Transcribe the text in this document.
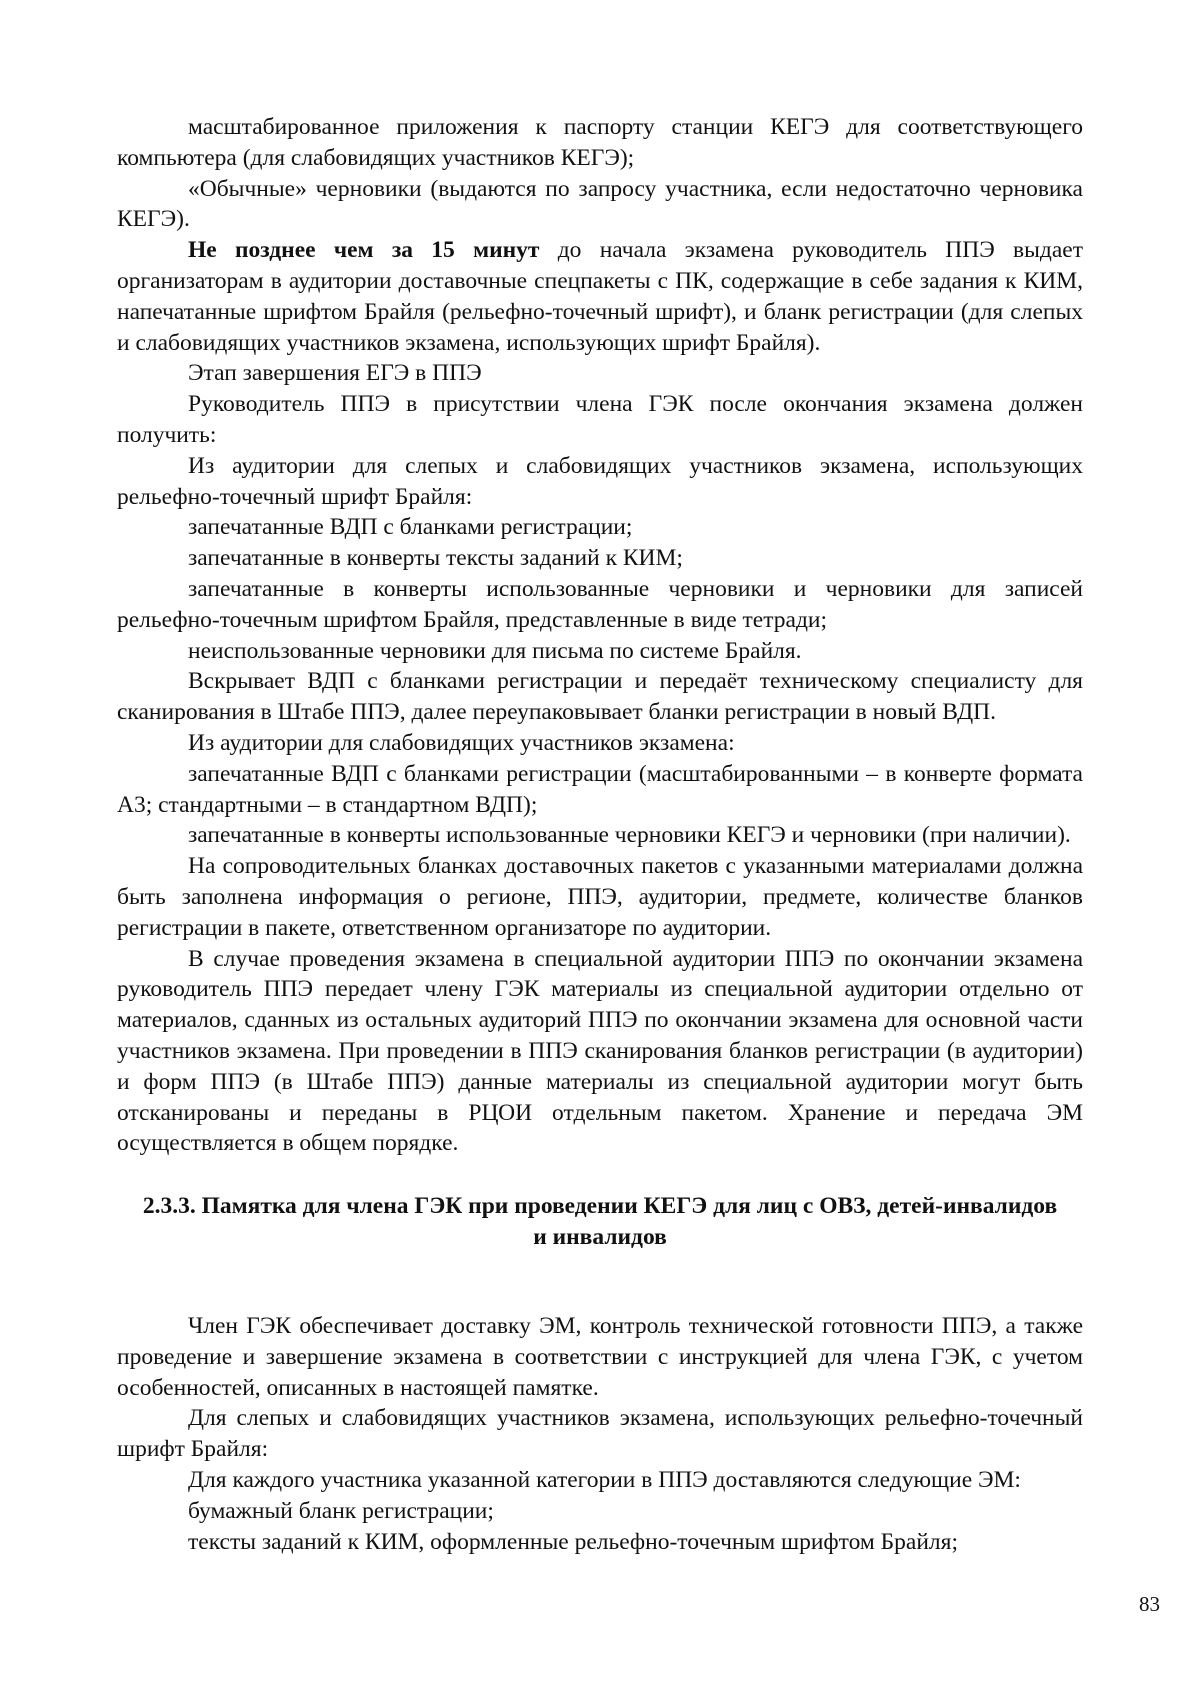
масштабированное приложения к паспорту станции КЕГЭ для соответствующего компьютера (для слабовидящих участников КЕГЭ);

«Обычные» черновики (выдаются по запросу участника, если недостаточно черновика КЕГЭ).

Не позднее чем за 15 минут до начала экзамена руководитель ППЭ выдает организаторам в аудитории доставочные спецпакеты с ПК, содержащие в себе задания к КИМ, напечатанные шрифтом Брайля (рельефно-точечный шрифт), и бланк регистрации (для слепых и слабовидящих участников экзамена, использующих шрифт Брайля).

Этап завершения ЕГЭ в ППЭ

Руководитель ППЭ в присутствии члена ГЭК после окончания экзамена должен получить:

Из аудитории для слепых и слабовидящих участников экзамена, использующих рельефно-точечный шрифт Брайля:

запечатанные ВДП с бланками регистрации;

запечатанные в конверты тексты заданий к КИМ;

запечатанные в конверты использованные черновики и черновики для записей рельефно-точечным шрифтом Брайля, представленные в виде тетради;

неиспользованные черновики для письма по системе Брайля.

Вскрывает ВДП с бланками регистрации и передаёт техническому специалисту для сканирования в Штабе ППЭ, далее переупаковывает бланки регистрации в новый ВДП.

Из аудитории для слабовидящих участников экзамена:

запечатанные ВДП с бланками регистрации (масштабированными – в конверте формата А3; стандартными – в стандартном ВДП);

запечатанные в конверты использованные черновики КЕГЭ и черновики (при наличии).

На сопроводительных бланках доставочных пакетов с указанными материалами должна быть заполнена информация о регионе, ППЭ, аудитории, предмете, количестве бланков регистрации в пакете, ответственном организаторе по аудитории.

В случае проведения экзамена в специальной аудитории ППЭ по окончании экзамена руководитель ППЭ передает члену ГЭК материалы из специальной аудитории отдельно от материалов, сданных из остальных аудиторий ППЭ по окончании экзамена для основной части участников экзамена. При проведении в ППЭ сканирования бланков регистрации (в аудитории) и форм ППЭ (в Штабе ППЭ) данные материалы из специальной аудитории могут быть отсканированы и переданы в РЦОИ отдельным пакетом. Хранение и передача ЭМ осуществляется в общем порядке.

2.3.3. Памятка для члена ГЭК при проведении КЕГЭ для лиц с ОВЗ, детей-инвалидов
и инвалидов

Член ГЭК обеспечивает доставку ЭМ, контроль технической готовности ППЭ, а также проведение и завершение экзамена в соответствии с инструкцией для члена ГЭК, с учетом особенностей, описанных в настоящей памятке.

Для слепых и слабовидящих участников экзамена, использующих рельефно-точечный шрифт Брайля:

Для каждого участника указанной категории в ППЭ доставляются следующие ЭМ:

бумажный бланк регистрации;

тексты заданий к КИМ, оформленные рельефно-точечным шрифтом Брайля;

83
